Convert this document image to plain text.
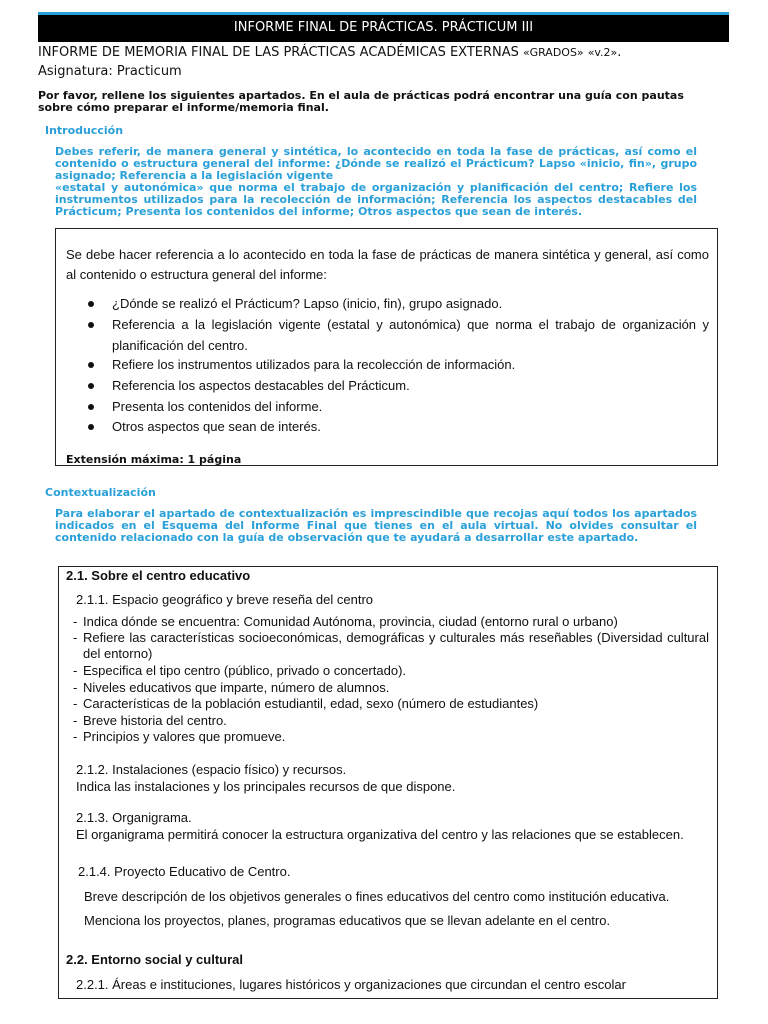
INFORME FINAL DE PRÁCTICAS. PRÁCTICUM III
INFORME DE MEMORIA FINAL DE LAS PRÁCTICAS ACADÉMICAS EXTERNAS «GRADOS» «v.2».
Asignatura: Practicum
Por favor, rellene los siguientes apartados. En el aula de prácticas podrá encontrar una guía con pautas sobre cómo preparar el informe/memoria final.
Introducción
Debes referir, de manera general y sintética, lo acontecido en toda la fase de prácticas, así como el contenido o estructura general del informe: ¿Dónde se realizó el Prácticum? Lapso «inicio, fin», grupo asignado; Referencia a la legislación vigente
«estatal y autonómica» que norma el trabajo de organización y planificación del centro; Refiere los instrumentos utilizados para la recolección de información; Referencia los aspectos destacables del Prácticum; Presenta los contenidos del informe; Otros aspectos que sean de interés.
Se debe hacer referencia a lo acontecido en toda la fase de prácticas de manera sintética y general, así como al contenido o estructura general del informe:
¿Dónde se realizó el Prácticum? Lapso (inicio, fin), grupo asignado.
Referencia a la legislación vigente (estatal y autonómica) que norma el trabajo de organización y planificación del centro.
Refiere los instrumentos utilizados para la recolección de información.
Referencia los aspectos destacables del Prácticum.
Presenta los contenidos del informe.
Otros aspectos que sean de interés.
Extensión máxima: 1 página
Contextualización
Para elaborar el apartado de contextualización es imprescindible que recojas aquí todos los apartados indicados en el Esquema del Informe Final que tienes en el aula virtual. No olvides consultar el contenido relacionado con la guía de observación que te ayudará a desarrollar este apartado.
2.1. Sobre el centro educativo
2.1.1. Espacio geográfico y breve reseña del centro
- Indica dónde se encuentra: Comunidad Autónoma, provincia, ciudad (entorno rural o urbano)
- Refiere las características socioeconómicas, demográficas y culturales más reseñables (Diversidad cultural del entorno)
- Especifica el tipo centro (público, privado o concertado).
- Niveles educativos que imparte, número de alumnos.
- Características de la población estudiantil, edad, sexo (número de estudiantes)
- Breve historia del centro.
- Principios y valores que promueve.
2.1.2. Instalaciones (espacio físico) y recursos.
Indica las instalaciones y los principales recursos de que dispone.
2.1.3. Organigrama.
El organigrama permitirá conocer la estructura organizativa del centro y las relaciones que se establecen.
2.1.4. Proyecto Educativo de Centro.
Breve descripción de los objetivos generales o fines educativos del centro como institución educativa.
Menciona los proyectos, planes, programas educativos que se llevan adelante en el centro.
2.2. Entorno social y cultural
2.2.1. Áreas e instituciones, lugares históricos y organizaciones que circundan el centro escolar
